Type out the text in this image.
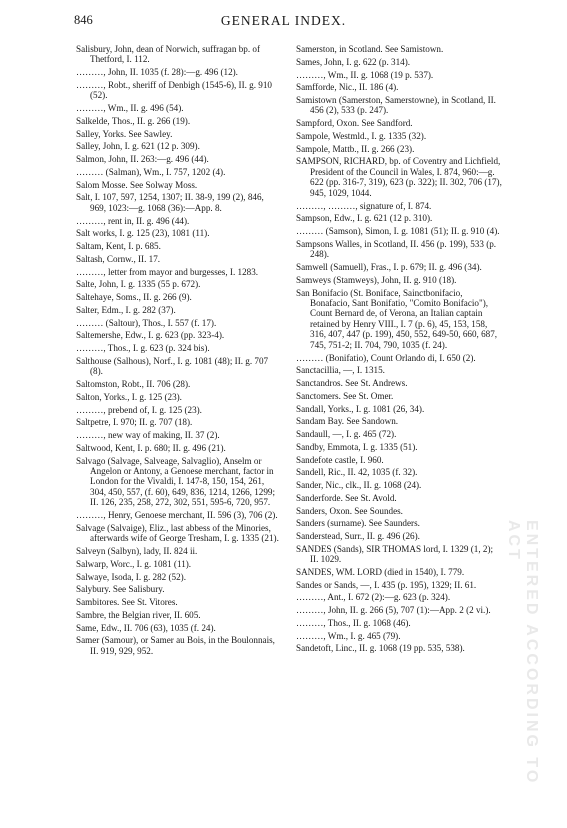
846	GENERAL INDEX.
Salisbury, John, dean of Norwich, suffragan bp. of Thetford, I. 112.
………, John, II. 1035 (f. 28):—g. 496 (12).
………, Robt., sheriff of Denbigh (1545-6), II. g. 910 (52).
………, Wm., II. g. 496 (54).
Salkelde, Thos., II. g. 266 (19).
Salley, Yorks. See Sawley.
Salley, John, I. g. 621 (12 p. 309).
Salmon, John, II. 263:—g. 496 (44).
……… (Salman), Wm., I. 757, 1202 (4).
Salom Mosse. See Solway Moss.
Salt, I. 107, 597, 1254, 1307; II. 38-9, 199 (2), 846, 969, 1023:—g. 1068 (36):—App. 8.
………, rent in, II. g. 496 (44).
Salt works, I. g. 125 (23), 1081 (11).
Saltam, Kent, I. p. 685.
Saltash, Cornw., II. 17.
………, letter from mayor and burgesses, I. 1283.
Salte, John, I. g. 1335 (55 p. 672).
Saltehaye, Soms., II. g. 266 (9).
Salter, Edm., I. g. 282 (37).
……… (Saltour), Thos., I. 557 (f. 17).
Saltemershe, Edw., I. g. 623 (pp. 323-4).
………, Thos., I. g. 623 (p. 324 bis).
Salthouse (Salhous), Norf., I. g. 1081 (48); II. g. 707 (8).
Saltomston, Robt., II. 706 (28).
Salton, Yorks., I. g. 125 (23).
………, prebend of, I. g. 125 (23).
Saltpetre, I. 970; II. g. 707 (18).
………, new way of making, II. 37 (2).
Saltwood, Kent, I. p. 680; II. g. 496 (21).
Salvago (Salvage, Salveage, Salvaglio), Anselm or Angelon or Antony, a Genoese merchant, factor in London for the Vivaldi, I. 147-8, 150, 154, 261, 304, 450, 557, (f. 60), 649, 836, 1214, 1266, 1299; II. 126, 235, 258, 272, 302, 551, 595-6, 720, 957.
………, Henry, Genoese merchant, II. 596 (3), 706 (2).
Salvage (Salvaige), Eliz., last abbess of the Minories, afterwards wife of George Tresham, I. g. 1335 (21).
Salveyn (Salbyn), lady, II. 824 ii.
Salwarp, Worc., I. g. 1081 (11).
Salwaye, Isoda, I. g. 282 (52).
Salybury. See Salisbury.
Sambitores. See St. Vitores.
Sambre, the Belgian river, II. 605.
Same, Edw., II. 706 (63), 1035 (f. 24).
Samer (Samour), or Samer au Bois, in the Boulonnais, II. 919, 929, 952.
Samerston, in Scotland. See Samistown.
Sames, John, I. g. 622 (p. 314).
………, Wm., II. g. 1068 (19 p. 537).
Samfforde, Nic., II. 186 (4).
Samistown (Samerston, Samerstowne), in Scotland, II. 456 (2), 533 (p. 247).
Sampford, Oxon. See Sandford.
Sampole, Westmld., I. g. 1335 (32).
Sampole, Mattb., II. g. 266 (23).
SAMPSON, RICHARD, bp. of Coventry and Lichfield, President of the Council in Wales, I. 874, 960:—g. 622 (pp. 316-7, 319), 623 (p. 322); II. 302, 706 (17), 945, 1029, 1044.
………, ………, signature of, I. 874.
Sampson, Edw., I. g. 621 (12 p. 310).
……… (Samson), Simon, I. g. 1081 (51); II. g. 910 (4).
Sampsons Walles, in Scotland, II. 456 (p. 199), 533 (p. 248).
Samwell (Samuell), Fras., I. p. 679; II. g. 496 (34).
Samweys (Stamweys), John, II. g. 910 (18).
San Bonifacio (St. Boniface, Sainctbonifacio, Bonafacio, Sant Bonifatio, "Comito Bonifacio"), Count Bernard de, of Verona, an Italian captain retained by Henry VIII., I. 7 (p. 6), 45, 153, 158, 316, 407, 447 (p. 199), 450, 552, 649-50, 660, 687, 745, 751-2; II. 704, 790, 1035 (f. 24).
……… (Bonifatio), Count Orlando di, I. 650 (2).
Sanctacillia, —, I. 1315.
Sanctandros. See St. Andrews.
Sanctomers. See St. Omer.
Sandall, Yorks., I. g. 1081 (26, 34).
Sandam Bay. See Sandown.
Sandaull, —, I. g. 465 (72).
Sandby, Emmota, I. g. 1335 (51).
Sandefote castle, I. 960.
Sandell, Ric., II. 42, 1035 (f. 32).
Sander, Nic., clk., II. g. 1068 (24).
Sanderforde. See St. Avold.
Sanders, Oxon. See Soundes.
Sanders (surname). See Saunders.
Sanderstead, Surr., II. g. 496 (26).
SANDES (Sands), SIR THOMAS lord, I. 1329 (1, 2); II. 1029.
SANDES, WM. LORD (died in 1540), I. 779.
Sandes or Sands, —, I. 435 (p. 195), 1329; II. 61.
………, Ant., I. 672 (2):—g. 623 (p. 324).
………, John, II. g. 266 (5), 707 (1):—App. 2 (2 vi.).
………, Thos., II. g. 1068 (46).
………, Wm., I. g. 465 (79).
Sandetoft, Linc., II. g. 1068 (19 pp. 535, 538).	ENTERED ACCORDING TO ACT
